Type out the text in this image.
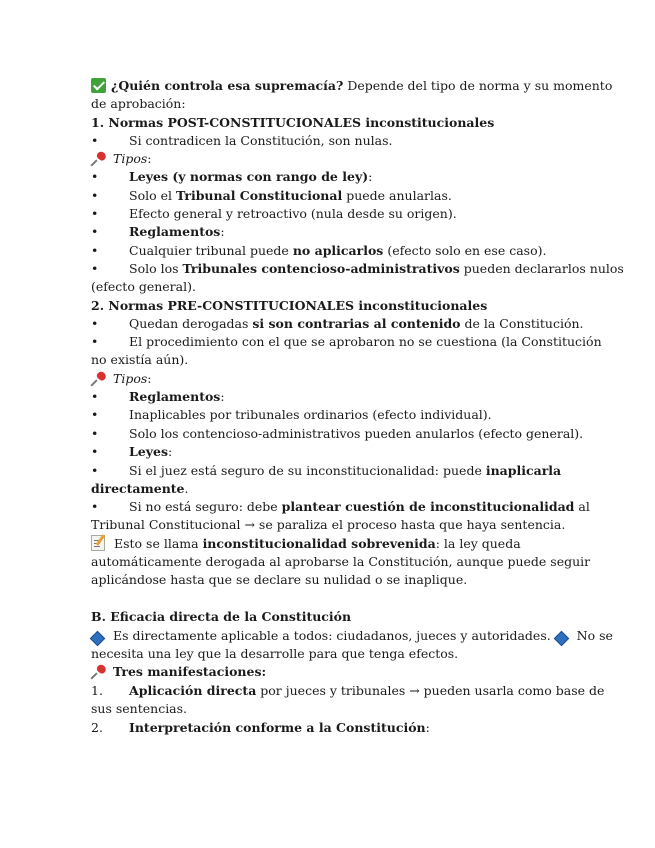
¿Quién controla esa supremacía? Depende del tipo de norma y su momento
de aprobación:
1. Normas POST-CONSTITUCIONALES inconstitucionales
• Si contradicen la Constitución, son nulas.
Tipos:
• Leyes (y normas con rango de ley):
• Solo el Tribunal Constitucional puede anularlas.
• Efecto general y retroactivo (nula desde su origen).
• Reglamentos:
• Cualquier tribunal puede no aplicarlos (efecto solo en ese caso).
• Solo los Tribunales contencioso-administrativos pueden declararlos nulos
(efecto general).
2. Normas PRE-CONSTITUCIONALES inconstitucionales
• Quedan derogadas si son contrarias al contenido de la Constitución.
• El procedimiento con el que se aprobaron no se cuestiona (la Constitución
no existía aún).
Tipos:
• Reglamentos:
• Inaplicables por tribunales ordinarios (efecto individual).
• Solo los contencioso-administrativos pueden anularlos (efecto general).
• Leyes:
• Si el juez está seguro de su inconstitucionalidad: puede inaplicarla
directamente.
• Si no está seguro: debe plantear cuestión de inconstitucionalidad al
Tribunal Constitucional → se paraliza el proceso hasta que haya sentencia.
Esto se llama inconstitucionalidad sobrevenida: la ley queda
automáticamente derogada al aprobarse la Constitución, aunque puede seguir
aplicándose hasta que se declare su nulidad o se inaplique.
B. Eficacia directa de la Constitución
Es directamente aplicable a todos: ciudadanos, jueces y autoridades.  No se
necesita una ley que la desarrolle para que tenga efectos.
Tres manifestaciones:
1. Aplicación directa por jueces y tribunales → pueden usarla como base de
sus sentencias.
2. Interpretación conforme a la Constitución:
